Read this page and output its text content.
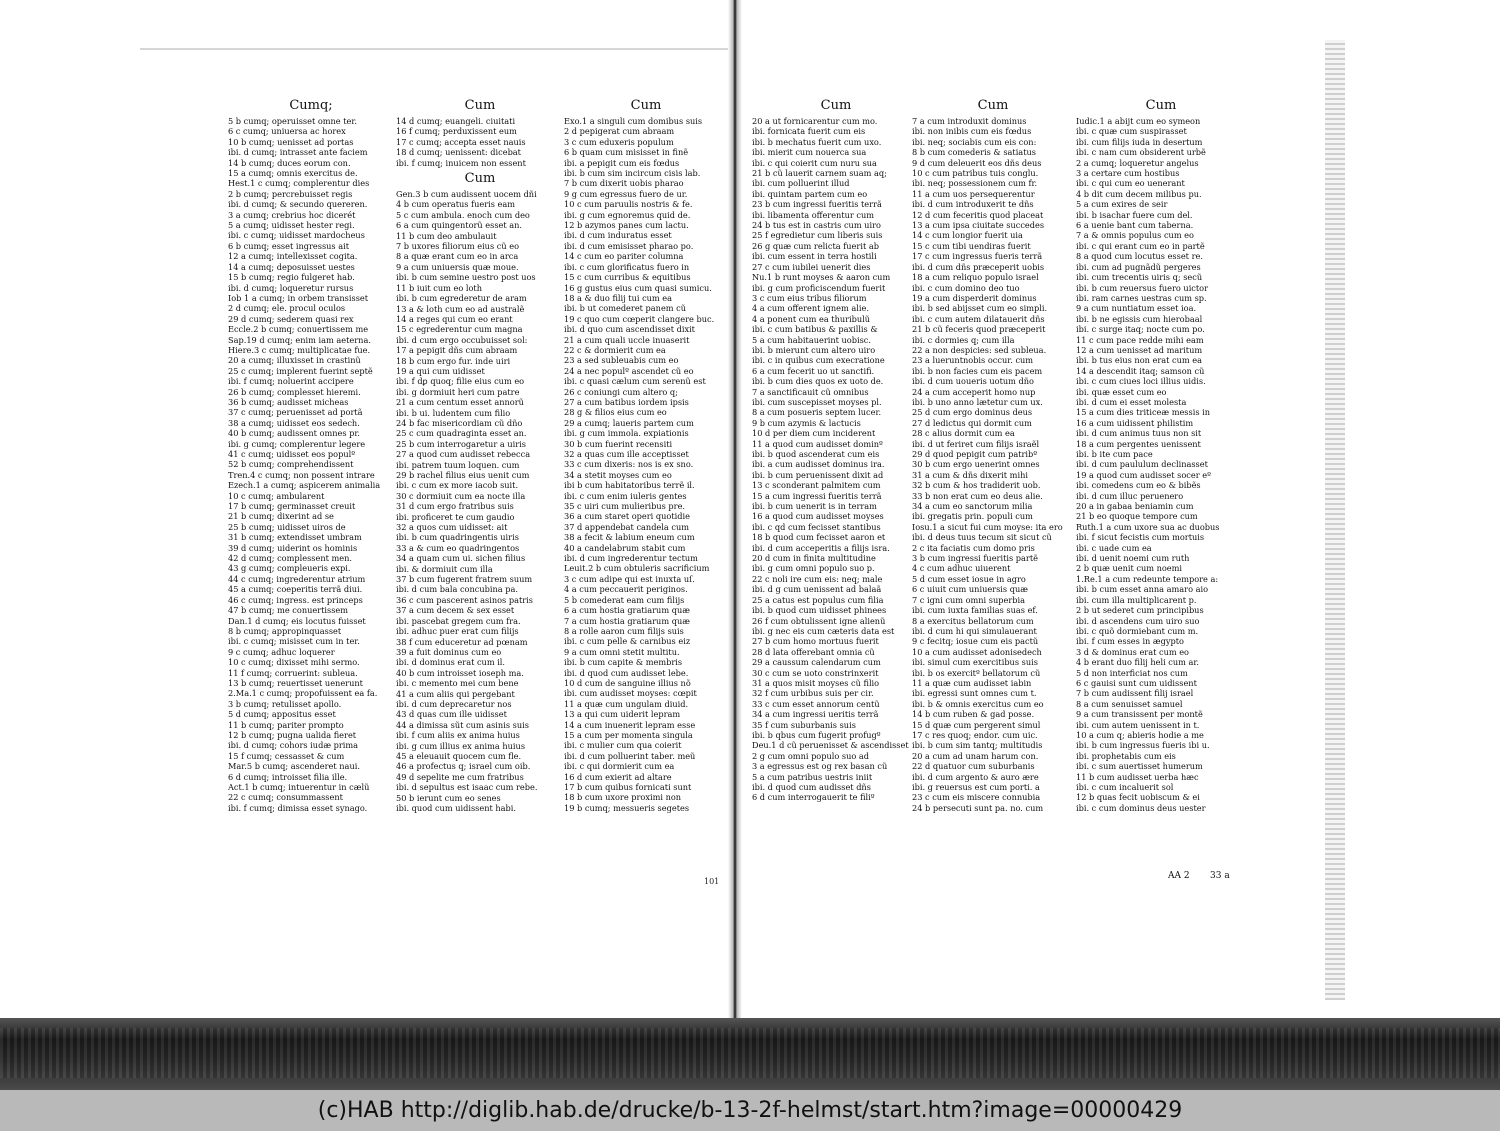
Cumq;
5 b cumq; operuisset omne ter.
6 c cumq; uniuersa ac horex
10 b cumq; uenisset ad portas
ibi. d cumq; intrasset ante faciem
14 b cumq; duces eorum con.
15 a cumq; omnis exercitus de.
Hest.1 c cumq; complerentur dies
2 b cumq; percrebuisset regis
ibi. d cumq; & secundo quereren.
3 a cumq; crebrius hoc dicerét
5 a cumq; uidisset hester regi.
ibi. c cumq; uidisset mardocheus
6 b cumq; esset ingressus ait
12 a cumq; intellexisset cogita.
14 a cumq; deposuisset uestes
15 b cumq; regio fulgeret hab.
ibi. d cumq; loqueretur rursus
Iob 1 a cumq; in orbem transisset
2 d cumq; ele. procul oculos
29 d cumq; sederem quasi rex
Eccle.2 b cumq; conuertissem me
Sap.19 d cumq; enim iam aeterna.
Hiere.3 c cumq; multiplicatae fue.
20 a cumq; illuxisset in crastinũ
25 c cumq; implerent fuerint septẽ
ibi. f cumq; noluerint accipere
26 b cumq; complesset hieremi.
36 b cumq; audisset micheas
37 c cumq; peruenisset ad portã
38 a cumq; uidisset eos sedech.
40 b cumq; audissent omnes pr.
ibi. g cumq; complerentur legere
41 c cumq; uidisset eos populº
52 b cumq; comprehendissent
Tren.4 c cumq; non possent intrare
Ezech.1 a cumq; aspicerem animalia
10 c cumq; ambularent
17 b cumq; germinasset creuit
21 b cumq; dixerint ad se
25 b cumq; uidisset uiros de
31 b cumq; extendisset umbram
39 d cumq; uiderint os hominis
42 d cumq; complessent men.
43 g cumq; compleueris expi.
44 c cumq; ingrederentur atrium
45 a cumq; coeperitis terrã diui.
46 c cumq; ingress. est princeps
47 b cumq; me conuertissem
Dan.1 d cumq; eis locutus fuisset
8 b cumq; appropinquasset
ibi. c cumq; misisset cum in ter.
9 c cumq; adhuc loquerer
10 c cumq; dixisset mihi sermo.
11 f cumq; corruerint: subleua.
13 b cumq; reuertisset uenerunt
2.Ma.1 c cumq; propofuissent ea fa.
3 b cumq; retulisset apollo.
5 d cumq; appositus esset
11 b cumq; pariter prompto
12 b cumq; pugna ualida fieret
ibi. d cumq; cohors iudæ prima
15 f cumq; cessasset & cum
Mar.5 b cumq; ascenderet naui.
6 d cumq; introisset filia ille.
Act.1 b cumq; intuerentur in cælũ
22 c cumq; consummassent
ibi. f cumq; dimissa esset synago.
Cum
14 d cumq; euangeli. ciuitati
16 f cumq; perduxissent eum
17 c cumq; accepta esset nauis
18 d cumq; uenissent: dicebat
ibi. f cumq; inuicem non essent
Cum
Gen.3 b cum audissent uocem dñi
4 b cum operatus fueris eam
5 c cum ambula. enoch cum deo
6 a cum quingentorũ esset an.
11 b cum deo ambulauit
7 b uxores filiorum eius cũ eo
8 a quæ erant cum eo in arca
9 a cum uniuersis quæ moue.
ibi. b cum semine uestro post uos
11 b iuit cum eo loth
ibi. b cum egrederetur de aram
13 a & loth cum eo ad australẽ
14 a reges qui cum eo erant
15 c egrederentur cum magna
ibi. d cum ergo occubuisset sol:
17 a pepigit dñs cum abraam
18 b cum ergo fur. inde uiri
19 a qui cum uidisset
ibi. f dꝑ quoq; filie eius cum eo
ibi. g dormiuit heri cum patre
21 a cum centum esset annorũ
ibi. b ui. ludentem cum filio
24 b fac misericordiam cũ dño
25 c cum quadraginta esset an.
25 b cum interrogaretur a uiris
27 a quod cum audisset rebecca
ibi. patrem tuum loquen. cum
29 b rachel filius eius uenit cum
ibi. c cum ex more iacob suit.
30 c dormiuit cum ea nocte illa
31 d cum ergo fratribus suis
ibi. proficeret te cum gaudio
32 a quos cum uidisset: ait
ibi. b cum quadringentis uiris
33 a & cum eo quadringentos
34 a quam cum ui. sichen filius
ibi. & dormiuit cum illa
37 b cum fugerent fratrem suum
ibi. d cum bala concubina pa.
36 c cum pascerent asinos patris
37 a cum decem & sex esset
ibi. pascebat gregem cum fra.
ibi. adhuc puer erat cum filijs
38 f cum educeretur ad pœnam
39 a fuit dominus cum eo
ibi. d dominus erat cum il.
40 b cum introisset ioseph ma.
ibi. c memento mei cum bene
41 a cum aliis qui pergebant
ibi. d cum deprecaretur nos
43 d quas cum ille uidisset
44 a dimissa sũt cum asinis suis
ibi. f cum aliis ex anima huius
ibi. g cum illius ex anima huius
45 a eleuauit quocem cum fle.
46 a profectus q; israel cum oib.
49 d sepelite me cum fratribus
ibi. d sepultus est isaac cum rebe.
50 b ierunt cum eo senes
ibi. quod cum uidissent habi.
Cum
Exo.1 a singuli cum domibus suis
2 d pepigerat cum abraam
3 c cum eduxeris populum
6 b quam cum misisset in finẽ
ibi. a pepigit cum eis fœdus
ibi. b cum sim incircum cisis lab.
7 b cum dixerit uobis pharao
9 g cum egressus fuero de ur.
10 c cum paruulis nostris & fe.
ibi. g cum egnoremus quid de.
12 b azymos panes cum lactu.
ibi. d cum induratus esset
ibi. d cum emisisset pharao po.
14 c cum eo pariter columna
ibi. c cum glorificatus fuero in
15 c cum curribus & equitibus
16 g gustus eius cum quasi sumicu.
18 a & duo filij tui cum ea
ibi. b ut comederet panem cũ
19 c quo cum cœperit clangere buc.
ibi. d quo cum ascendisset dixit
21 a cum quali uccle inuaserit
22 c & dormierit cum ea
23 a sed subleuabis cum eo
24 a nec populº ascendet cũ eo
ibi. c quasi cælum cum serenũ est
26 c coniungi cum altero q;
27 a cum batibus iordem ipsis
28 g & filios eius cum eo
29 a cumq; laueris partem cum
ibi. g cum immola. expiationis
30 b cum fuerint recensiti
32 a quas cum ille acceptisset
33 c cum dixeris: nos is ex sno.
34 a stetit moyses cum eo
ibi b cum habitatoribus terrẽ il.
ibi. c cum enim iuleris gentes
35 c uiri cum mulieribus pre.
36 a cum staret operi quotidie
37 d appendebat candela cum
38 a fecit & labium eneum cum
40 a candelabrum stabit cum
ibi. d cum ingrederentur tectum
Leuit.2 b cum obtuleris sacrificium
3 c cum adipe qui est inuxta uſ.
4 a cum peccauerit periginos.
5 b comederat eam cum filijs
6 a cum hostia gratiarum quæ
7 a cum hostia gratiarum quæ
8 a rolle aaron cum filijs suis
ibi. c cum pelle & carnibus eiz
9 a cum omni stetit multitu.
ibi. b cum capite & membris
ibi. d quod cum audisset lebe.
10 d cum de sanguine illius nõ
ibi. cum audisset moyses: cœpit
11 a quæ cum ungulam diuid.
13 a qui cum uiderit lepram
14 a cum inuenerit lepram esse
15 a cum per momenta singula
ibi. c mulier cum qua coierit
ibi. d cum polluerint taber. meũ
ibi. c qui dormierit cum ea
16 d cum exierit ad altare
17 b cum quibus fornicati sunt
18 b cum uxore proximi non
19 b cumq; messueris segetes
101
Cum
20 a ut fornicarentur cum mo.
ibi. fornicata fuerit cum eis
ibi. b mechatus fuerit cum uxo.
ibi. mierit cum nouerca sua
ibi. c qui coierit cum nuru sua
21 b cũ lauerit carnem suam aq;
ibi. cum polluerint illud
ibi. quintam partem cum eo
23 b cum ingressi fueritis terrã
ibi. libamenta offerentur cum
24 b tus est in castris cum uiro
25 f egredietur cum liberis suis
26 g quæ cum relicta fuerit ab
ibi. cum essent in terra hostili
27 c cum iubilei uenerit dies
Nu.1 b runt moyses & aaron cum
ibi. g cum proficiscendum fuerit
3 c cum eius tribus filiorum
4 a cum offerent ignem alie.
4 a ponent cum ea thuribulũ
ibi. c cum batibus & paxillis &
5 a cum habitauerint uobisc.
ibi. b mierunt cum altero uiro
ibi. c in quibus cum execratione
6 a cum fecerit uo ut sanctifi.
ibi. b cum dies quos ex uoto de.
7 a sanctificauit cũ omnibus
ibi. cum suscepisset moyses pl.
8 a cum posueris septem lucer.
9 b cum azymis & lactucis
10 d per diem cum inciderent
11 a quod cum audisset dominº
ibi. b quod ascenderat cum eis
ibi. a cum audisset dominus ira.
ibi. b cum peruenissent dixit ad
13 c sconderant palmitem cum
15 a cum ingressi fueritis terrã
ibi. b cum uenerit is in terram
16 a quod cum audisset moyses
ibi. c qd cum fecisset stantibus
18 b quod cum fecisset aaron et
ibi. d cum acceperitis a filijs isra.
20 d cum in finita multitudine
ibi. g cum omni populo suo p.
22 c noli ire cum eis: neq; male
ibi. d g cum uenissent ad balaã
25 a catus est populus cum filia
ibi. b quod cum uidisset phinees
26 f cum obtulissent igne alienũ
ibi. g nec eis cum cæteris data est
27 b cum homo mortuus fuerit
28 d lata offerebant omnia cũ
29 a caussum calendarum cum
30 c cum se uoto constrinxerit
31 a quos misit moyses cũ filio
32 f cum urbibus suis per cir.
33 c cum esset annorum centũ
34 a cum ingressi ueritis terrã
35 f cum suburbanis suis
ibi. b qbus cum fugerit profugº
Deu.1 d cũ peruenisset & ascendisset
2 g cum omni populo suo ad
3 a egressus est og rex basan cũ
5 a cum patribus uestris iniit
ibi. d quod cum audisset dñs
6 d cum interrogauerit te filiº
Cum
7 a cum introduxit dominus
ibi. non inibis cum eis fœdus
ibi. neq; sociabis cum eis con:
8 b cum comederis & satiatus
9 d cum deleuerit eos dñs deus
10 c cum patribus tuis conglu.
ibi. neq; possessionem cum fr.
11 a cum uos persequerentur
ibi. d cum introduxerit te dñs
12 d cum feceritis quod placeat
13 a cum ipsa ciuitate succedes
14 c cum longior fuerit uia
15 c cum tibi uendiras fuerit
17 c cum ingressus fueris terrã
ibi. d cum dñs præceperit uobis
18 a cum reliquo populo israel
ibi. c cum domino deo tuo
19 a cum disperderit dominus
ibi. b sed abijsset cum eo simpli.
ibi. c cum autem dilatauerit dñs
21 b cũ feceris quod præceperit
ibi. c dormies q; cum illa
22 a non despicies: sed subleua.
23 a lueruntnobis occur. cum
ibi. b non facies cum eis pacem
ibi. d cum uoueris uotum dño
24 a cum acceperit homo nup
ibi. b uno anno lætetur cum ux.
25 d cum ergo dominus deus
27 d ledictus qui dormit cum
28 c alius dormit cum ea
ibi. d ut feriret cum filijs israẽl
29 d quod pepigit cum patribº
30 b cum ergo uenerint omnes
31 a cum & dñs dixerit mihi
32 b cum & hos tradiderit uob.
33 b non erat cum eo deus alie.
34 a cum eo sanctorum milia
ibi. gregatis prin. populi cum
Iosu.1 a sicut fui cum moyse: ita ero
ibi. d deus tuus tecum sit sicut cũ
2 c ita faciatis cum domo pris
3 b cum ingressi fueritis partẽ
4 c cum adhuc uiuerent
5 d cum esset iosue in agro
6 c uiuit cum uniuersis quæ
7 c igni cum omni superbia
ibi. cum iuxta familias suas ef.
8 a exercitus bellatorum cum
ibi. d cum hi qui simulauerant
9 c fecitq; iosue cum eis pactũ
10 a cum audisset adonisedech
ibi. simul cum exercitibus suis
ibi. b os exercitº bellatorum cũ
11 a quæ cum audisset iabin
ibi. egressi sunt omnes cum t.
ibi. b & omnis exercitus cum eo
14 b cum ruben & gad posse.
15 d quæ cum pergerent simul
17 c res quoq; endor. cum uic.
ibi. b cum sim tantq; multitudis
20 a cum ad unam harum con.
22 d quatuor cum suburbanis
ibi. d cum argento & auro ære
ibi. g reuersus est cum porti. a
23 c cum eis miscere connubia
24 b persecuti sunt pa. no. cum
Cum
Iudic.1 a abijt cum eo symeon
ibi. c quæ cum suspirasset
ibi. cum filijs iuda in desertum
ibi. c nam cum obsiderent urbẽ
2 a cumq; loqueretur angelus
3 a certare cum hostibus
ibi. c qui cum eo uenerant
4 b dit cum decem milibus pu.
5 a cum exires de seir
ibi. b isachar fuere cum del.
6 a uenie bant cum taberna.
7 a & omnis populus cum eo
ibi. c qui erant cum eo in partẽ
8 a quod cum locutus esset re.
ibi. cum ad pugnãdũ pergeres
ibi. cum trecentis uiris q; secũ
ibi. b cum reuersus fuero uictor
ibi. ram carnes uestras cum sp.
9 a cum nuntiatum esset ioa.
ibi. b ne egissis cum hierobaal
ibi. c surge itaq; nocte cum po.
11 c cum pace redde mihi eam
12 a cum uenisset ad maritum
ibi. b tus eius non erat cum ea
14 a descendit itaq; samson cũ
ibi. c cum ciues loci illius uidis.
ibi. quæ esset cum eo
ibi. d cum ei esset molesta
15 a cum dies triticeæ messis in
16 a cum uidissent philistim
ibi. d cum animus tuus non sit
18 a cum pergentes uenissent
ibi. b ite cum pace
ibi. d cum paululum declinasset
19 a quod cum audisset socer eº
ibi. comedens cum eo & bibẽs
ibi. d cum illuc peruenero
20 a in gabaa beniamin cum
21 b eo quoque tempore cum
Ruth.1 a cum uxore sua ac duobus
ibi. f sicut fecistis cum mortuis
ibi. c uade cum ea
ibi. d uenit noemi cum ruth
2 b quæ uenit cum noemi
1.Re.1 a cum redeunte tempore a:
ibi. b cum esset anna amaro aio
ibi. cum illa multiplicarent p.
2 b ut sederet cum principibus
ibi. d ascendens cum uiro suo
ibi. c quõ dormiebant cum m.
ibi. f cum esses in ægypto
3 d & dominus erat cum eo
4 b erant duo filij heli cum ar.
5 d non interficiat nos cum
6 c gauisi sunt cum uidissent
7 b cum audissent filij israel
8 a cum senuisset samuel
9 a cum transissent per montẽ
ibi. cum autem uenissent in t.
10 a cum q; abieris hodie a me
ibi. b cum ingressus fueris ibi u.
ibi. prophetabis cum eis
ibi. c sum auertisset humerum
11 b cum audisset uerba hæc
ibi. c cum incaluerit sol
12 b quas fecit uobiscum & ei
ibi. c cum dominus deus uester
AA 2 33 a
(c)HAB http://diglib.hab.de/drucke/b-13-2f-helmst/start.htm?image=00000429
